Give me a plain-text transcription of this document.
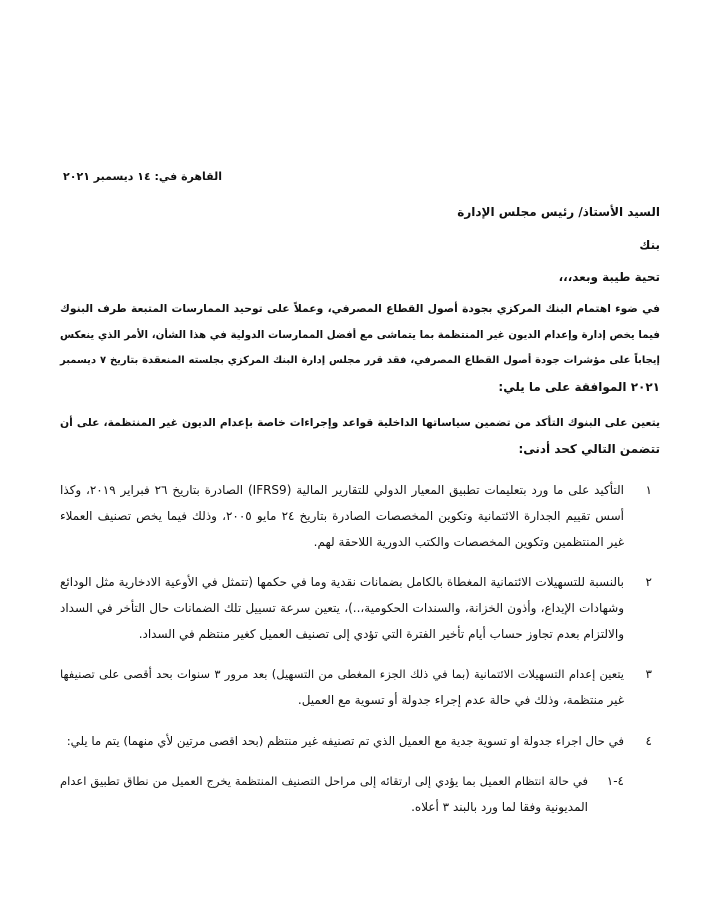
القاهرة في: ١٤ ديسمبر ٢٠٢١
السيد الأستاذ/ رئيس مجلس الإدارة
بنك
تحية طيبة وبعد،،،
في ضوء اهتمام البنك المركزي بجودة أصول القطاع المصرفي، وعملاً على توحيد الممارسات المتبعة طرف البنوك
فيما يخص إدارة وإعدام الديون غير المنتظمة بما يتماشى مع أفضل الممارسات الدولية في هذا الشأن، الأمر الذي ينعكس
إيجاباً على مؤشرات جودة أصول القطاع المصرفي، فقد قرر مجلس إدارة البنك المركزي بجلسته المنعقدة بتاريخ ٧ ديسمبر
٢٠٢١ الموافقة على ما يلي:
يتعين على البنوك التأكد من تضمين سياساتها الداخلية قواعد وإجراءات خاصة بإعدام الديون غير المنتظمة، على أن
تتضمن التالي كحد أدنى:
١
التأكيد على ما ورد بتعليمات تطبيق المعيار الدولي للتقارير المالية (IFRS9) الصادرة بتاريخ ٢٦ فبراير ٢٠١٩، وكذا
أسس تقييم الجدارة الائتمانية وتكوين المخصصات الصادرة بتاريخ ٢٤ مايو ٢٠٠٥، وذلك فيما يخص تصنيف العملاء
غير المنتظمين وتكوين المخصصات والكتب الدورية اللاحقة لهم.
٢
بالنسبة للتسهيلات الائتمانية المغطاة بالكامل بضمانات نقدية وما في حكمها (تتمثل في الأوعية الادخارية مثل الودائع
وشهادات الإيداع، وأذون الخزانة، والسندات الحكومية،..)، يتعين سرعة تسييل تلك الضمانات حال التأخر في السداد
والالتزام بعدم تجاوز حساب أيام تأخير الفترة التي تؤدي إلى تصنيف العميل كغير منتظم في السداد.
٣
يتعين إعدام التسهيلات الائتمانية (بما في ذلك الجزء المغطى من التسهيل) بعد مرور ٣ سنوات بحد أقصى على تصنيفها
غير منتظمة، وذلك في حالة عدم إجراء جدولة أو تسوية مع العميل.
٤
في حال اجراء جدولة او تسوية جدية مع العميل الذي تم تصنيفه غير منتظم (بحد اقصى مرتين لأي منهما) يتم ما يلي:
٤-١
في حالة انتظام العميل بما يؤدي إلى ارتقائه إلى مراحل التصنيف المنتظمة يخرج العميل من نطاق تطبيق اعدام
المديونية وفقا لما ورد بالبند ٣ أعلاه.
